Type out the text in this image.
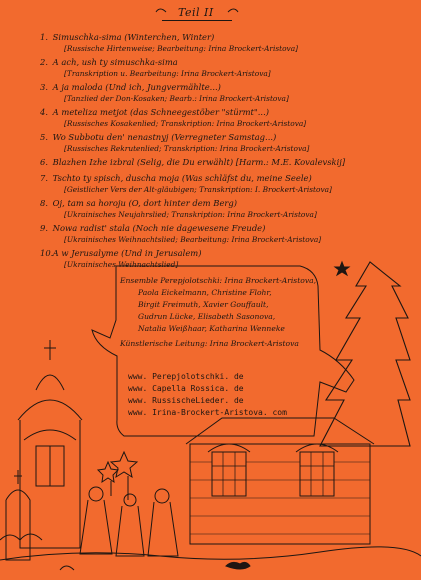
Teil II
1. Simuschka-sima (Winterchen, Winter)
[Russische Hirtenweise; Bearbeitung: Irina Brockert-Aristova]
2. A ach, ush ty simuschka-sima
[Transkription u. Bearbeitung: Irina Brockert-Aristova]
3. A ja maloda (Und ich, Jungvermählte...)
[Tanzlied der Don-Kosaken; Bearb.: Irina Brockert-Aristova]
4. A meteliza metjot (das Schneegestöber "stürmt"...)
[Russisches Kosakenlied; Transkription: Irina Brockert-Aristova]
5. Wo Subbotu den' nenastnyj (Verregneter Samstag...)
[Russisches Rekrutenlied; Transkription: Irina Brockert-Aristova]
6. Blazhen Izhe izbral (Selig, die Du erwählt) [Harm.: M.E. Kovalevskij]
7. Tschto ty spisch, duscha moja (Was schläfst du, meine Seele)
[Geistlicher Vers der Alt-gläubigen; Transkription: I. Brockert-Aristova]
8. Oj, tam sa horoju (O, dort hinter dem Berg)
[Ukrainisches Neujahrslied; Transkription: Irina Brockert-Aristova]
9. Nowa radist' stala (Noch nie dagewesene Freude)
[Ukrainisches Weihnachtslied; Bearbeitung: Irina Brockert-Aristova]
10. A w Jerusalyme (Und in Jerusalem)
[Ukrainisches Weihnachtslied]
Ensemble Perepjolotschki: Irina Brockert-Aristova,
Paola Eickelmann, Christine Flohr,
Birgit Freimuth, Xavier Gouffault,
Gudrun Lücke, Elisabeth Sasonova,
Natalia Weißhaar, Katharina Wenneke
Künstlerische Leitung: Irina Brockert-Aristova
www. Perepjolotschki. de
www. Capella Rossica. de
www. RussischeLieder. de
www. Irina-Brockert-Aristova. com
